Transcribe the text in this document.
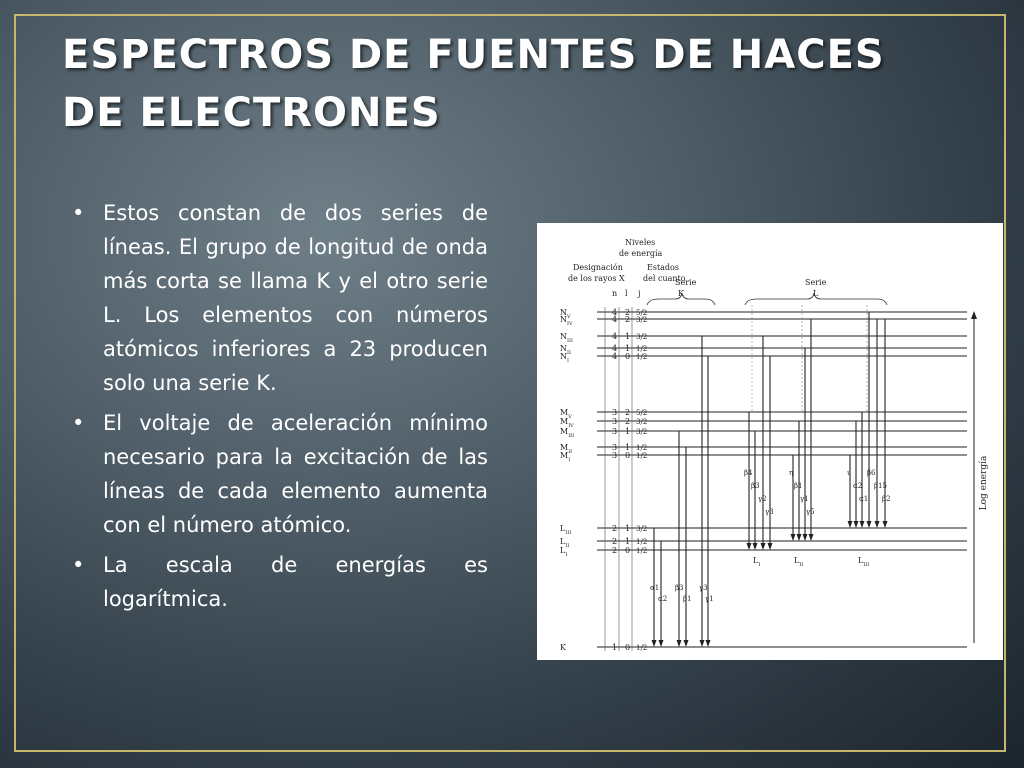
ESPECTROS DE FUENTES DE HACES DE ELECTRONES
• Estos constan de dos series de líneas. El grupo de longitud de onda más corta se llama K y el otro serie L. Los elementos con números atómicos inferiores a 23 producen solo una serie K.
• El voltaje de aceleración mínimo necesario para la excitación de las líneas de cada elemento aumenta con el número atómico.
• La escala de energías es logarítmica.
Niveles
de energía
Designación
de los rayos X
Estados
del cuanto
n l j
Serie
K
Serie
L
$N_V$	4 2 5/2
$N_{IV}$	4 2 3/2
$N_{III}$	4 1 3/2
$N_{II}$	4 1 1/2
$N_I$	4 0 1/2
$M_V$	3 2 5/2
$M_{IV}$	3 2 3/2
$M_{III}$	3 1 3/2
$M_{II}$	3 1 1/2
$M_I$	3 0 1/2
$L_{III}$	2 1 3/2
$L_{II}$	2 1 1/2
$L_I$	2 0 1/2
K	1 0 1/2
α1
α2
β3
β1
γ3
γ1
β4
β3
γ2
γ3
η
β1
γ1
γ5
ι
α2
α1
β6
β15
β2
$L_I$	$L_{II}$	$L_{III}$
Log energía
